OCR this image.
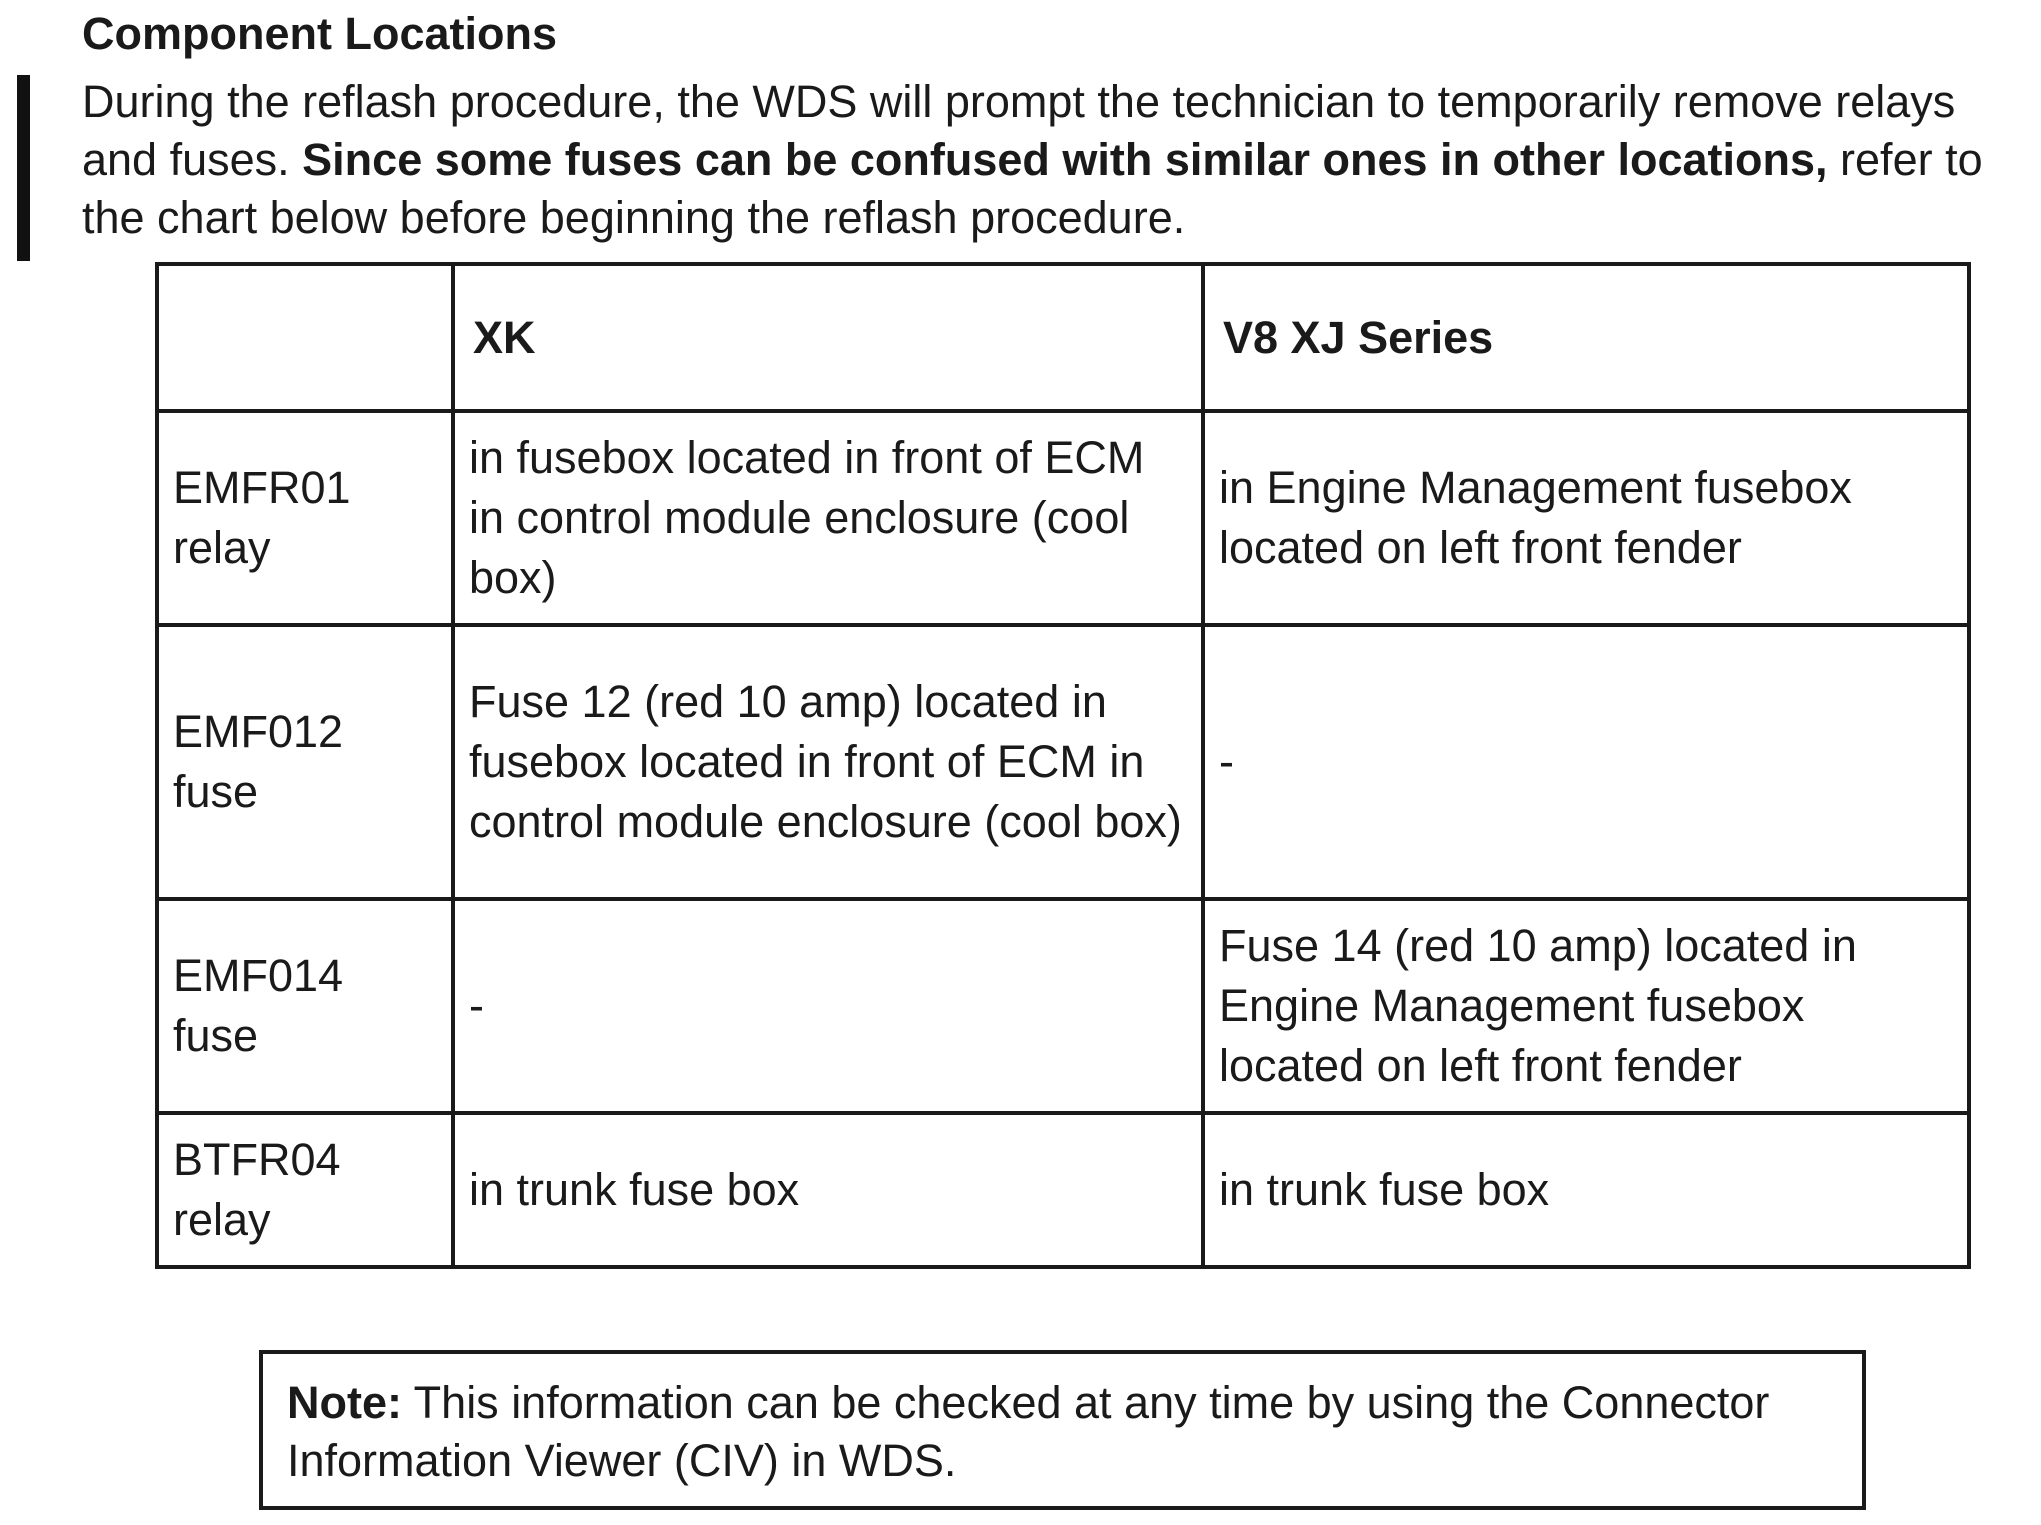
Component Locations

During the reflash procedure, the WDS will prompt the technician to temporarily remove relays and fuses. Since some fuses can be confused with similar ones in other locations, refer to the chart below before beginning the reflash procedure.

	XK	V8 XJ Series
EMFR01 relay	in fusebox located in front of ECM in control module enclosure (cool box)	in Engine Management fusebox located on left front fender
EMF012 fuse	Fuse 12 (red 10 amp) located in fusebox located in front of ECM in control module enclosure (cool box)	-
EMF014 fuse	-	Fuse 14 (red 10 amp) located in Engine Management fusebox located on left front fender
BTFR04 relay	in trunk fuse box	in trunk fuse box
Note: This information can be checked at any time by using the Connector Information Viewer (CIV) in WDS.
